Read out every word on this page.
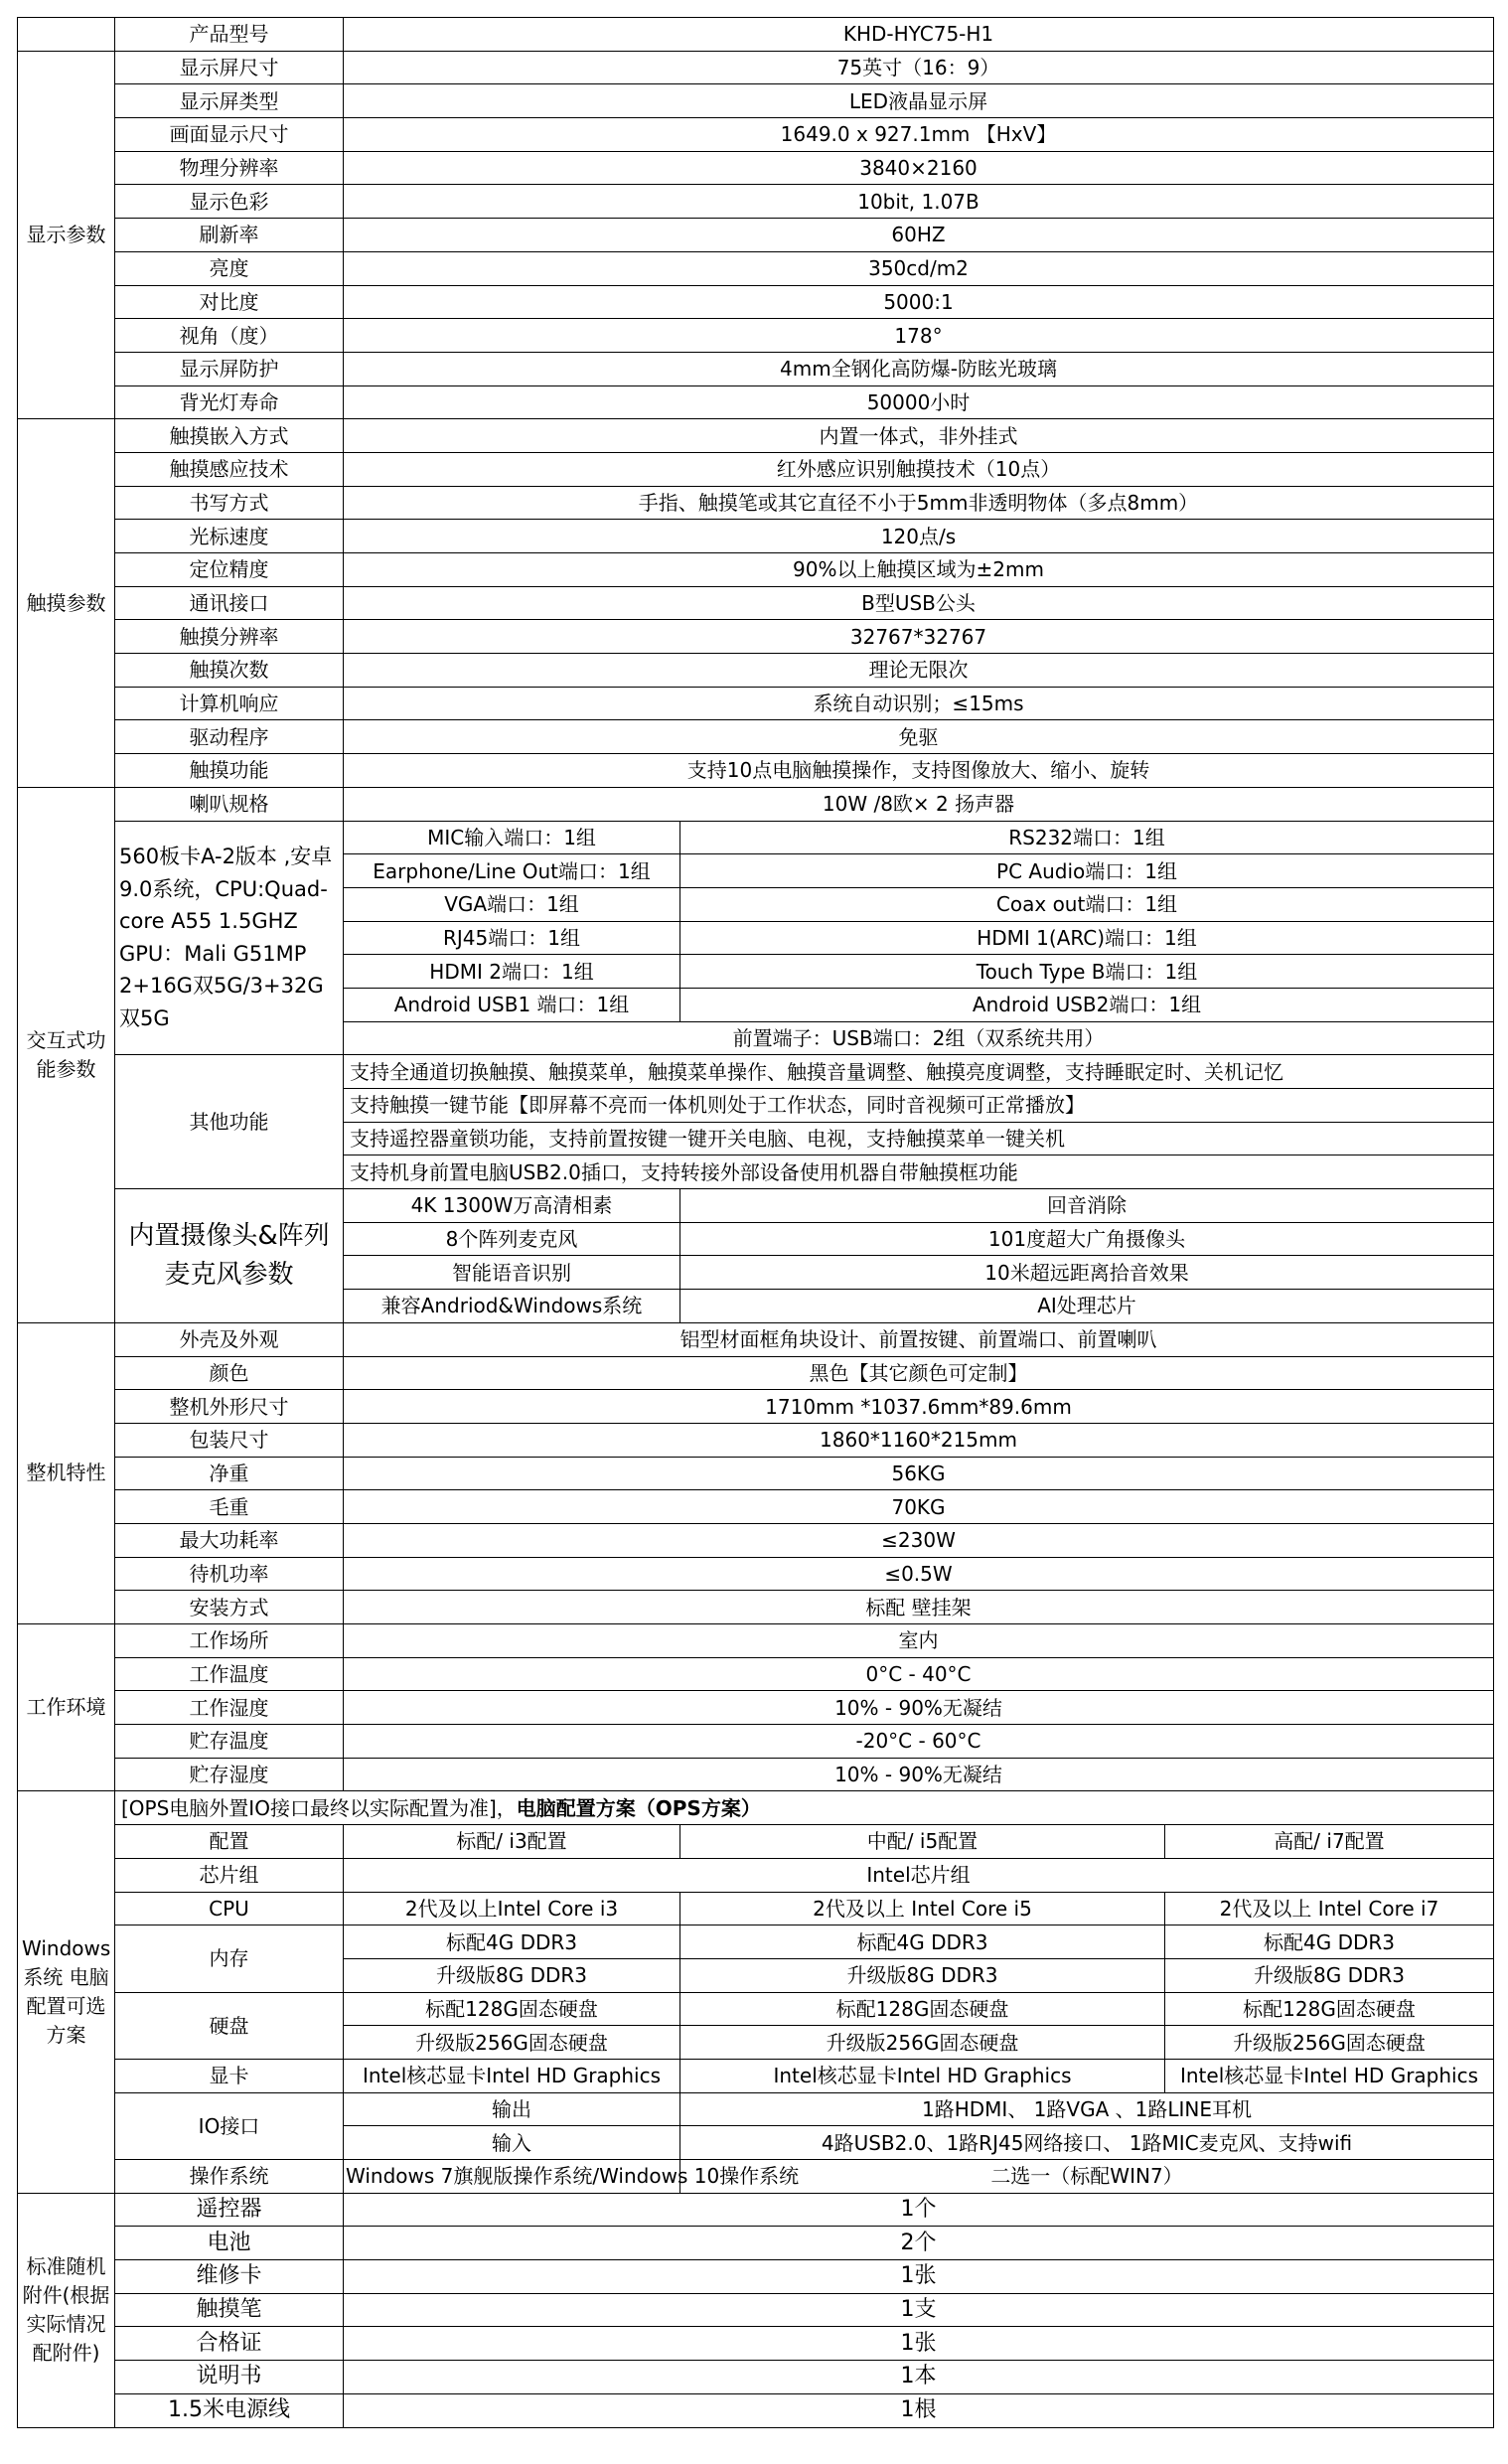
	产品型号	KHD-HYC75-H1		
显示参数	显示屏尺寸	75英寸（16：9）		
	显示屏类型	LED液晶显示屏		
	画面显示尺寸	1649.0 x 927.1mm 【HxV】		
	物理分辨率	3840×2160		
	显示色彩	10bit, 1.07B		
	刷新率	60HZ		
	亮度	350cd/m2		
	对比度	5000:1		
	视角（度）	178°		
	显示屏防护	4mm全钢化高防爆-防眩光玻璃		
	背光灯寿命	50000小时		
触摸参数	触摸嵌入方式	内置一体式，非外挂式		
	触摸感应技术	红外感应识别触摸技术（10点）		
	书写方式	手指、触摸笔或其它直径不小于5mm非透明物体（多点8mm）		
	光标速度	120点/s		
	定位精度	90%以上触摸区域为±2mm		
	通讯接口	B型USB公头		
	触摸分辨率	32767*32767		
	触摸次数	理论无限次		
	计算机响应	系统自动识别；≤15ms		
	驱动程序	免驱		
	触摸功能	支持10点电脑触摸操作，支持图像放大、缩小、旋转		
交互式功能参数	喇叭规格	10W /8欧× 2 扬声器		
	560板卡A-2版本 ,安卓9.0系统，CPU:Quad-core A55 1.5GHZ GPU：Mali G51MP 2+16G双5G/3+32G双5G	MIC输入端口：1组	RS232端口：1组	
		Earphone/Line Out端口：1组	PC Audio端口：1组	
		VGA端口：1组	Coax out端口：1组	
		RJ45端口：1组	HDMI 1(ARC)端口：1组	
		HDMI 2端口：1组	Touch Type B端口：1组	
		Android USB1 端口：1组	Android USB2端口：1组	
		前置端子：USB端口：2组（双系统共用）		
	其他功能	支持全通道切换触摸、触摸菜单，触摸菜单操作、触摸音量调整、触摸亮度调整，支持睡眠定时、关机记忆		
		支持触摸一键节能【即屏幕不亮而一体机则处于工作状态，同时音视频可正常播放】		
		支持遥控器童锁功能，支持前置按键一键开关电脑、电视，支持触摸菜单一键关机		
		支持机身前置电脑USB2.0插口，支持转接外部设备使用机器自带触摸框功能		
	内置摄像头&阵列麦克风参数	4K 1300W万高清相素	回音消除	
		8个阵列麦克风	101度超大广角摄像头	
		智能语音识别	10米超远距离拾音效果	
		兼容Andriod&Windows系统	AI处理芯片	
整机特性	外壳及外观	铝型材面框角块设计、前置按键、前置端口、前置喇叭		
	颜色	黑色【其它颜色可定制】		
	整机外形尺寸	1710mm *1037.6mm*89.6mm		
	包装尺寸	1860*1160*215mm		
	净重	56KG		
	毛重	70KG		
	最大功耗率	≤230W		
	待机功率	≤0.5W		
	安装方式	标配 壁挂架		
工作环境	工作场所	室内		
	工作温度	0°C - 40°C		
	工作湿度	10% - 90%无凝结		
	贮存温度	-20°C - 60°C		
	贮存湿度	10% - 90%无凝结		
Windows系统 电脑配置可选方案	[OPS电脑外置IO接口最终以实际配置为准]，电脑配置方案（OPS方案）			
	配置	标配/ i3配置	中配/ i5配置	高配/ i7配置
	芯片组	Intel芯片组		
	CPU	2代及以上Intel Core i3	2代及以上 Intel Core i5	2代及以上 Intel Core i7
	内存	标配4G DDR3	标配4G DDR3	标配4G DDR3
		升级版8G DDR3	升级版8G DDR3	升级版8G DDR3
	硬盘	标配128G固态硬盘	标配128G固态硬盘	标配128G固态硬盘
		升级版256G固态硬盘	升级版256G固态硬盘	升级版256G固态硬盘
	显卡	Intel核芯显卡Intel HD Graphics	Intel核芯显卡Intel HD Graphics	Intel核芯显卡Intel HD Graphics
	IO接口	输出	1路HDMI、 1路VGA 、1路LINE耳机	
		输入	4路USB2.0、1路RJ45网络接口、 1路MIC麦克风、支持wifi	
	操作系统	Windows 7旗舰版操作系统/Windows 10操作系统	二选一（标配WIN7）	
标准随机附件(根据实际情况配附件)	遥控器	1个		
	电池	2个		
	维修卡	1张		
	触摸笔	1支		
	合格证	1张		
	说明书	1本		
	1.5米电源线	1根		
